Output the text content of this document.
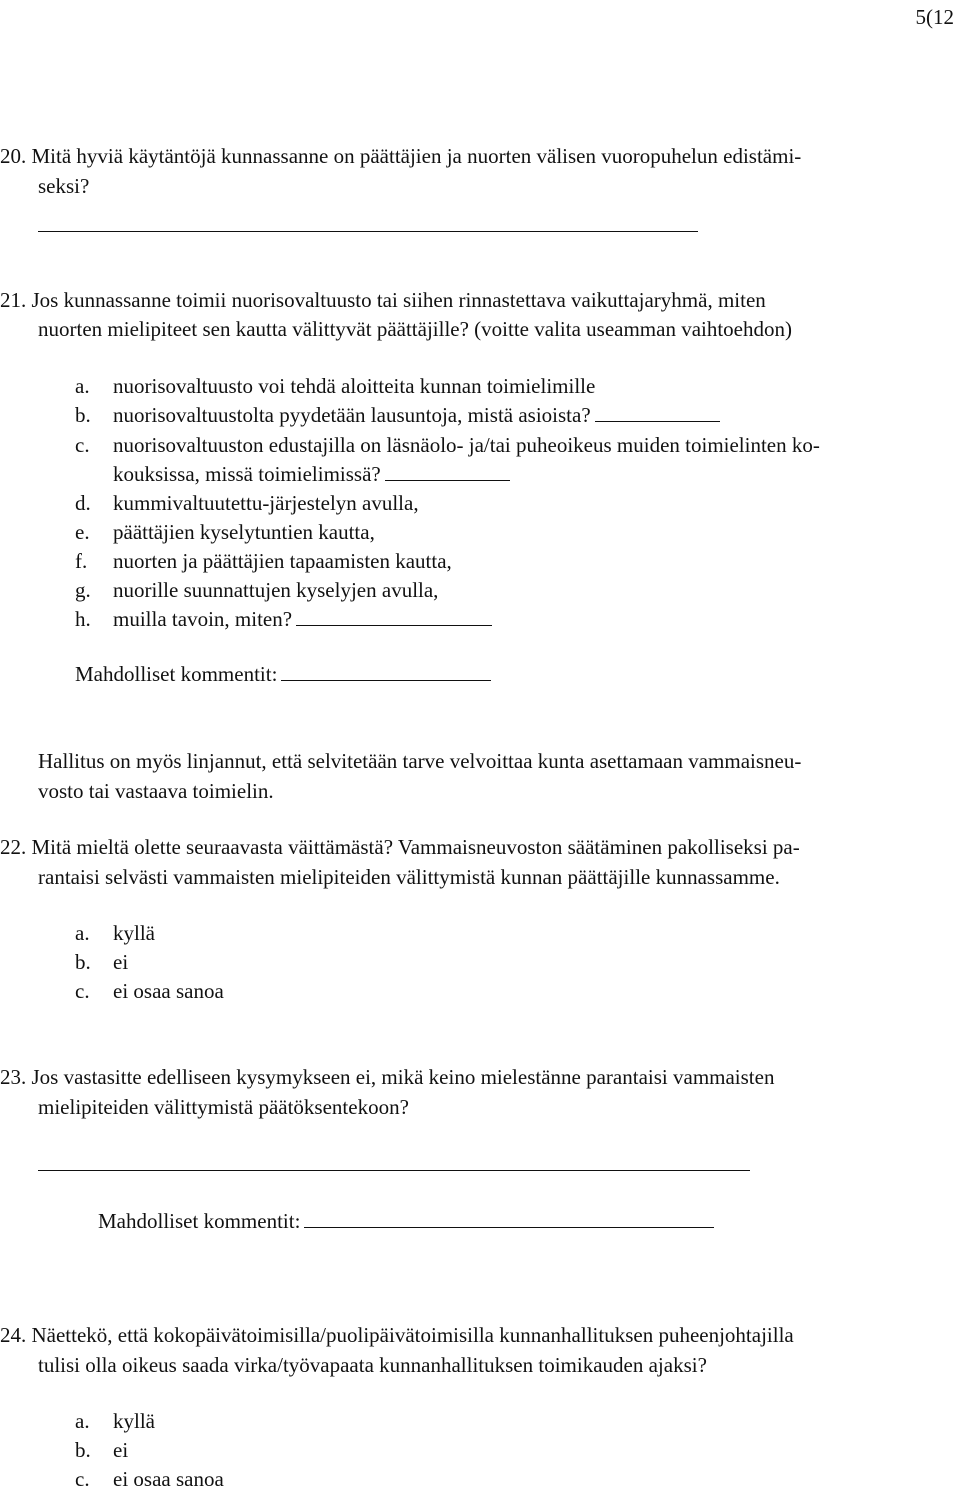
5(12
20. Mitä hyviä käytäntöjä kunnassanne on päättäjien ja nuorten välisen vuoropuhelun edistämi-
seksi?
21. Jos kunnassanne toimii nuorisovaltuusto tai siihen rinnastettava vaikuttajaryhmä, miten
nuorten mielipiteet sen kautta välittyvät päättäjille? (voitte valita useamman vaihtoehdon)
a. nuorisovaltuusto voi tehdä aloitteita kunnan toimielimille
b. nuorisovaltuustolta pyydetään lausuntoja, mistä asioista?
c. nuorisovaltuuston edustajilla on läsnäolo- ja/tai puheoikeus muiden toimielinten ko-
kouksissa, missä toimielimissä?
d. kummivaltuutettu-järjestelyn avulla,
e. päättäjien kyselytuntien kautta,
f. nuorten ja päättäjien tapaamisten kautta,
g. nuorille suunnattujen kyselyjen avulla,
h. muilla tavoin, miten?
Mahdolliset kommentit:
Hallitus on myös linjannut, että selvitetään tarve velvoittaa kunta asettamaan vammaisneu-
vosto tai vastaava toimielin.
22. Mitä mieltä olette seuraavasta väittämästä? Vammaisneuvoston säätäminen pakolliseksi pa-
rantaisi selvästi vammaisten mielipiteiden välittymistä kunnan päättäjille kunnassamme.
a. kyllä
b. ei
c. ei osaa sanoa
23. Jos vastasitte edelliseen kysymykseen ei, mikä keino mielestänne parantaisi vammaisten
mielipiteiden välittymistä päätöksentekoon?
Mahdolliset kommentit:
24. Näettekö, että kokopäivätoimisilla/puolipäivätoimisilla kunnanhallituksen puheenjohtajilla
tulisi olla oikeus saada virka/työvapaata kunnanhallituksen toimikauden ajaksi?
a. kyllä
b. ei
c. ei osaa sanoa
